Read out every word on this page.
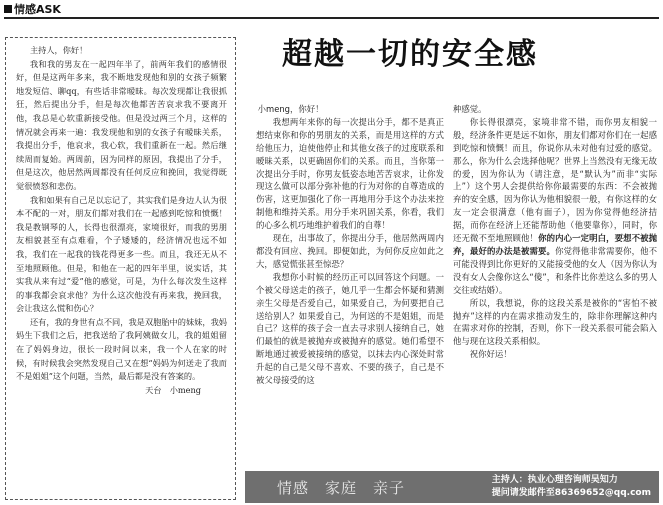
情感ASK

主持人，你好！

我和我的男友在一起四年半了，前两年我们的感情很好，但是这两年多来，我不断地发现他和别的女孩子频繁地发短信、聊qq，有些话非常暧昧。每次发现都让我很抓狂，然后提出分手，但是每次他都苦苦哀求我不要离开他，我总是心软重新接受他。但是没过两三个月，这样的情况就会再来一遍：我发现他和别的女孩子有暧昧关系，我提出分手，他哀求，我心软，我们重新在一起。然后继续周而复始。两周前，因为同样的原因，我提出了分手，但是这次，他居然两周都没有任何反应和挽回，我觉得既觉很愤怒和悲伤。

我和如果有自己足以忘记了，其实我们是身边人认为很本不配的一对，朋友们都对我们在一起感到吃惊和愤慨！我是教钢琴的人，长得也很漂亮，家境很好，而我的男朋友相貌甚至有点难看，个子矮矮的，经济情况也远不如我，我们在一起我的钱花得更多一些。而且，我还无从不至地照顾他。但是，和他在一起的四年半里，说实话，其实我从来有过“爱”他的感觉，可是，为什么每次发生这样的事我都会哀求他？为什么这次他没有再来我，挽回我，会让我这么慌和伤心？

还有，我的身世有点不同，我是双胞胎中的妹妹，我妈妈生下我们之后，把我送给了我阿姨做女儿，我的姐姐留在了妈妈身边，很长一段时间以来，我一个人在家的时候，有时候我会突然发现自己又在想“妈妈为何送走了我而不是姐姐”这个问题，当然，最后都是没有答案的。

天台　小meng

超越一切的安全感

小meng，你好！

我想两年来你的每一次提出分手，都不是真正想结束你和你的男朋友的关系，而是用这样的方式给他压力，迫使他停止和其他女孩子的过度联系和暧昧关系，以更确固你们的关系。而且，当你第一次提出分手时，你男友低姿态地苦苦哀求，让你发现这么做可以部分弥补他的行为对你的自尊造成的伤害，这更加强化了你一再地用分手这个办法来控制他和维持关系。用分手来巩固关系，你看，我们的心多么机巧地维护着我们的自尊！

现在，出事故了，你提出分手，他居然两周内都没有回应、挽回。即便如此，为何你反应如此之大，感觉慌张甚至惊恐？

我想你小时候的经历正可以回答这个问题。一个被父母送走的孩子，她几乎一生都会怀疑和猜测亲生父母是否爱自己，如果爱自己，为何要把自己送给别人？如果爱自己，为何送的不是姐姐，而是自己？这样的孩子会一直去寻求别人接纳自己，她们最怕的就是被抛弃或被抛弃的感觉。她们希望不断地通过被爱被接纳的感觉，以抹去内心深处时常升起的自己是父母不喜欢、不要的孩子，自己是不被父母接受的这

种感觉。

你长得很漂亮，家境非常不错，而你男友相貌一般，经济条件更是远不如你，朋友们都对你们在一起感到吃惊和愤慨！而且，你说你从未对他有过爱的感觉。那么，你为什么会选择他呢？世界上当然没有无缘无故的爱，因为你认为（请注意，是“默认为”而非“实际上”）这个男人会提供给你你最需要的东西：不会被抛弃的安全感，因为你认为他相貌很一般，有你这样的女友一定会很满意（他有面子），因为你觉得他经济拮据，而你在经济上还能帮助他（他要靠你），同时，你还无微不至地照顾他！你的内心一定明白，要想不被抛弃，最好的办法是被需要。你觉得他非常需要你，他不可能没得到比你更好的又能接受他的女人（因为你认为没有女人会像你这么“傻”，和条件比你差这么多的男人交往或结婚）。

所以，我想说，你的这段关系是被你的“害怕不被抛弃”这样的内在需求推动发生的，除非你理解这种内在需求对你的控制，否则，你下一段关系很可能会陷入他与现在这段关系相似。

祝你好运！

情感 家庭 亲子	主持人：执业心理咨询师吴知力
提问请发邮件至86369652@qq.com
